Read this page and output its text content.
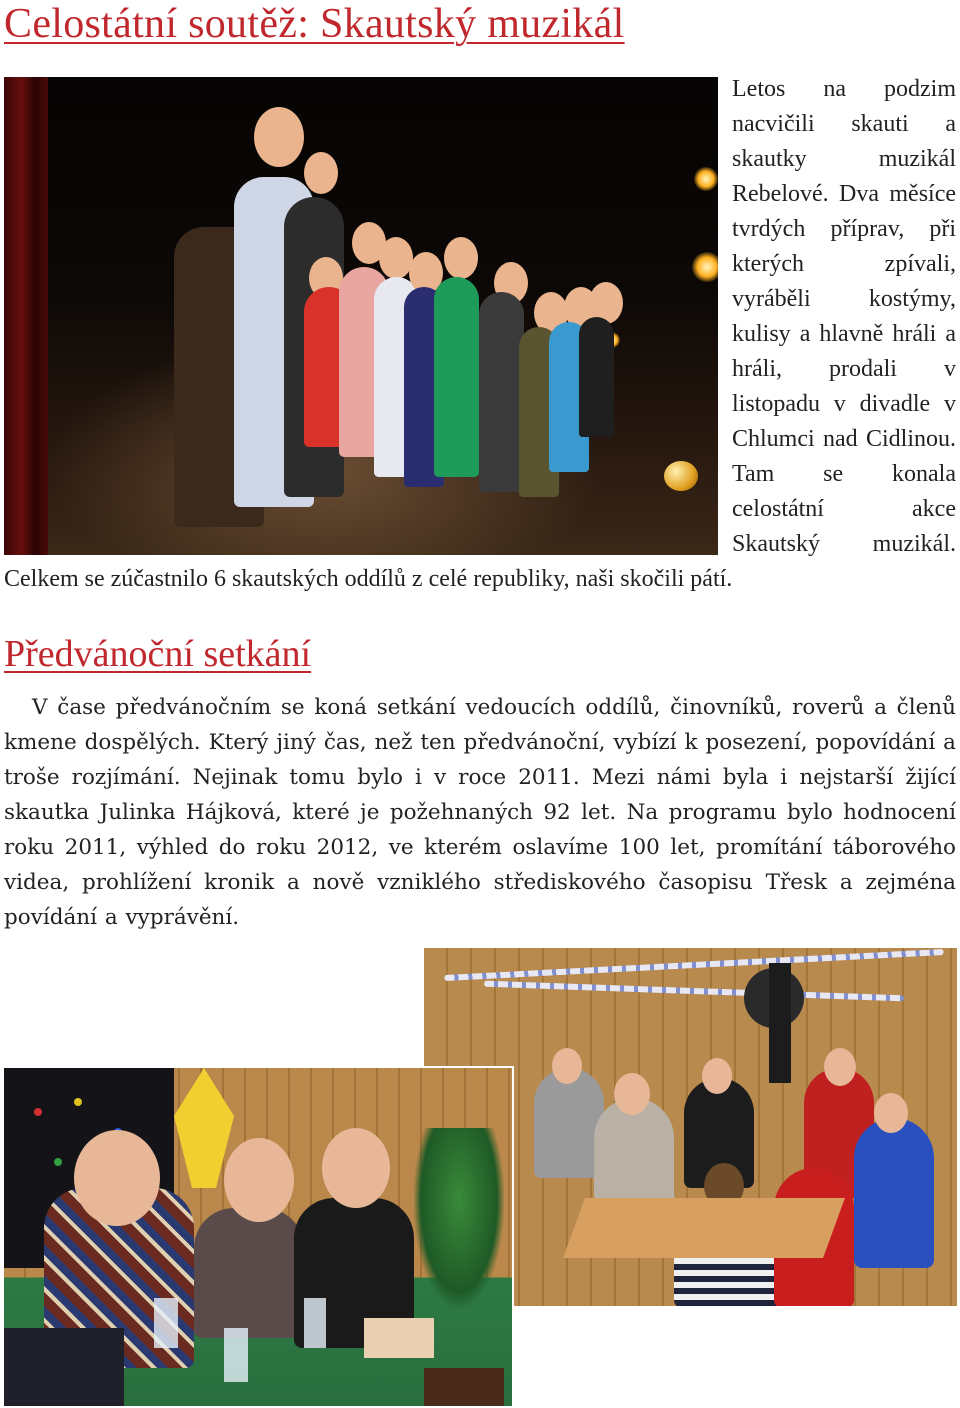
Celostátní soutěž: Skautský muzikál

Letos na podzim nacvičili skauti a skautky muzikál Rebelové. Dva měsíce tvrdých příprav, při kterých zpívali, vyráběli kostýmy, kulisy a hlavně hráli a hráli, prodali v listopadu v divadle v Chlumci nad Cidlinou. Tam se konala celostátní akce Skautský muzikál. Celkem se zúčastnilo 6 skautských oddílů z celé republiky, naši skočili pátí.

Předvánoční setkání

V čase předvánočním se koná setkání vedoucích oddílů, činovníků, roverů a členů kmene dospělých. Který jiný čas, než ten předvánoční, vybízí k posezení, popovídání a troše rozjímání. Nejinak tomu bylo i v roce 2011. Mezi námi byla i nejstarší žijící skautka Julinka Hájková, které je požehnaných 92 let. Na programu bylo hodnocení roku 2011, výhled do roku 2012, ve kterém oslavíme 100 let, promítání táborového videa, prohlížení kronik a nově vzniklého střediskového časopisu Třesk a zejména povídání a vyprávění.
